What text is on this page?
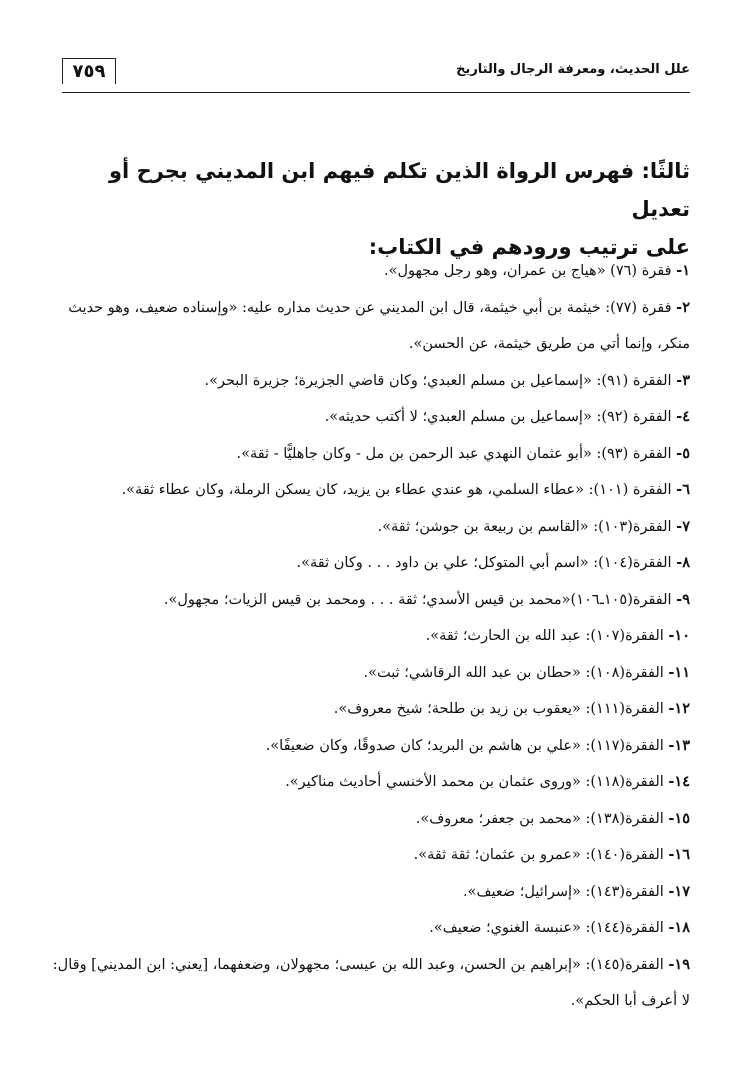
علل الحديث، ومعرفة الرجال والتاريخ
٧٥٩
ثالثًا: فهرس الرواة الذين تكلم فيهم ابن المديني بجرح أو تعديل
على ترتيب ورودهم في الكتاب:

١- فقرة (٧٦) «هياج بن عمران، وهو رجل مجهول».

٢- فقرة (٧٧): خيثمة بن أبي خيثمة، قال ابن المديني عن حديث مداره عليه: «وإسناده ضعيف، وهو حديث منكر، وإنما أتي من طريق خيثمة، عن الحسن».

٣- الفقرة (٩١): «إسماعيل بن مسلم العبدي؛ وكان قاضي الجزيرة؛ جزيرة البحر».

٤- الفقرة (٩٢): «إسماعيل بن مسلم العبدي؛ لا أكتب حديثه».

٥- الفقرة (٩٣): «أبو عثمان النهدي عبد الرحمن بن مل - وكان جاهليًّا - ثقة».

٦- الفقرة (١٠١): «عطاء السلمي، هو عندي عطاء بن يزيد، كان يسكن الرملة، وكان عطاء ثقة».

٧- الفقرة(١٠٣): «القاسم بن ربيعة بن جوشن؛ ثقة».

٨- الفقرة(١٠٤): «اسم أبي المتوكل؛ علي بن داود . . . وكان ثقة».

٩- الفقرة(١٠٥ـ١٠٦)«محمد بن قيس الأسدي؛ ثقة . . . ومحمد بن قيس الزيات؛ مجهول».

١٠- الفقرة(١٠٧): عبد الله بن الحارث؛ ثقة».

١١- الفقرة(١٠٨): «حطان بن عبد الله الرقاشي؛ ثبت».

١٢- الفقرة(١١١): «يعقوب بن زيد بن طلحة؛ شيخ معروف».

١٣- الفقرة(١١٧): «علي بن هاشم بن البريد؛ كان صدوقًا، وكان ضعيفًا».

١٤- الفقرة(١١٨): «وروى عثمان بن محمد الأخنسي أحاديث مناكير».

١٥- الفقرة(١٣٨): «محمد بن جعفر؛ معروف».

١٦- الفقرة(١٤٠): «عمرو بن عثمان؛ ثقة ثقة».

١٧- الفقرة(١٤٣): «إسرائيل؛ ضعيف».

١٨- الفقرة(١٤٤): «عنبسة الغنوي؛ ضعيف».

١٩- الفقرة(١٤٥): «إبراهيم بن الحسن، وعبد الله بن عيسى؛ مجهولان، وضعفهما، [يعني: ابن المديني] وقال: لا أعرف أبا الحكم».
